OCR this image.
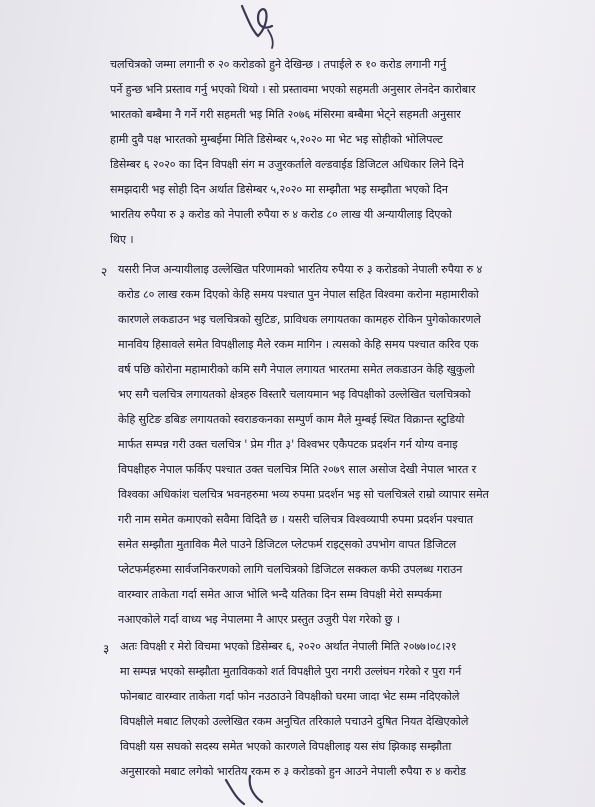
चलचित्रको जम्मा लगानी रु २० करोडको हुने देखिन्छ । तपाईले रु १० करोड लगानी गर्नु
पर्ने हुन्छ भनि प्रस्ताव गर्नु भएको थियो । सो प्रस्तावमा भएको सहमती अनुसार लेनदेन कारोबार
भारतको बम्बैमा नै गर्ने गरी सहमती भइ मिति २०७६ मंसिरमा बम्बैमा भेट्ने सहमती अनुसार
हामी दुवै पक्ष भारतको मुम्बईमा मिति डिसेम्बर ५,२०२० मा भेट भइ सोहीको भोलिपल्ट
डिसेम्बर ६ २०२० का दिन विपक्षी संग म उजुरकर्ताले वल्डवाईड डिजिटल अधिकार लिने दिने
समझदारी भइ सोही दिन अर्थात डिसेम्बर ५,२०२० मा सम्झौता भइ सम्झौता भएको दिन
भारतिय रुपैया रु ३ करोड को नेपाली रुपैया रु ४ करोड ८० लाख यी अन्यायीलाइ दिएको
थिए ।
२ यसरी निज अन्यायीलाइ उल्लेखित परिणामको भारतिय रुपैया रु ३ करोडको नेपाली रुपैया रु ४
करोड ८० लाख रकम दिएको केहि समय पश्चात पुन नेपाल सहित विश्वमा करोना महामारीको
कारणले लकडाउन भइ चलचित्रको सुटिङ, प्राविधक लगायतका कामहरु रोकिन पुगेकोकारणले
मानविय हिसावले समेत विपक्षीलाइ मैले रकम मागिन । त्यसको केहि समय पश्चात करिव एक
वर्ष पछि कोरोना महामारीको कमि सगै नेपाल लगायत भारतमा समेत लकडाउन केहि खुकुलो
भए सगै चलचित्र लगायतको क्षेत्रहरु विस्तारै चलायमान भइ विपक्षीको उल्लेखित चलचित्रको
केहि सुटिङ डबिङ लगायतको स्वराङकनका सम्पुर्ण काम मैले मुम्बई स्थित विक्रान्त स्टुडियो
मार्फत सम्पन्न गरी उक्त चलचित्र ' प्रेम गीत ३' विश्वभर एकैपटक प्रदर्शन गर्न योग्य वनाइ
विपक्षीहरु नेपाल फर्किए पश्चात उक्त चलचित्र मिति २०७९ साल असोज देखी नेपाल भारत र
विश्वका अधिकांश चलचित्र भवनहरुमा भव्य रुपमा प्रदर्शन भइ सो चलचित्रले राम्रो व्यापार समेत
गरी नाम समेत कमाएको सवैमा विदितै छ । यसरी चलिचत्र विश्वव्यापी रुपमा प्रदर्शन पश्चात
समेत सम्झौता मुताविक मैले पाउने डिजिटल प्लेटफर्म राइट्सको उपभोग वापत डिजिटल
प्लेटफर्महरुमा सार्वजनिकरणको लागि चलचित्रको डिजिटल सक्कल कफी उपलब्ध गराउन
वारम्वार ताकेता गर्दा समेत आज भोलि भन्दै यतिका दिन सम्म विपक्षी मेरो सम्पर्कमा
नआएकोले गर्दा वाध्य भइ नेपालमा नै आएर प्रस्तुत उजुरी पेश गरेको छु ।
३ अतः विपक्षी र मेरो विचमा भएको डिसेम्बर ६, २०२० अर्थात नेपाली मिति २०७७।०८।२१
मा सम्पन्न भएको सम्झौता मुताविकको शर्त विपक्षीले पुरा नगरी उल्लंघन गरेको र पुरा गर्न
फोनबाट वारम्वार ताकेता गर्दा फोन नउठाउने विपक्षीको घरमा जादा भेट सम्म नदिएकोले
विपक्षीले मबाट लिएको उल्लेखित रकम अनुचित तरिकाले पचाउने दुषित नियत देखिएकोले
विपक्षी यस सघको सदस्य समेत भएको कारणले विपक्षीलाइ यस संघ झिकाइ सम्झौता
अनुसारको मबाट लगेको भारतिय रकम रु ३ करोडको हुन आउने नेपाली रुपैया रु ४ करोड
